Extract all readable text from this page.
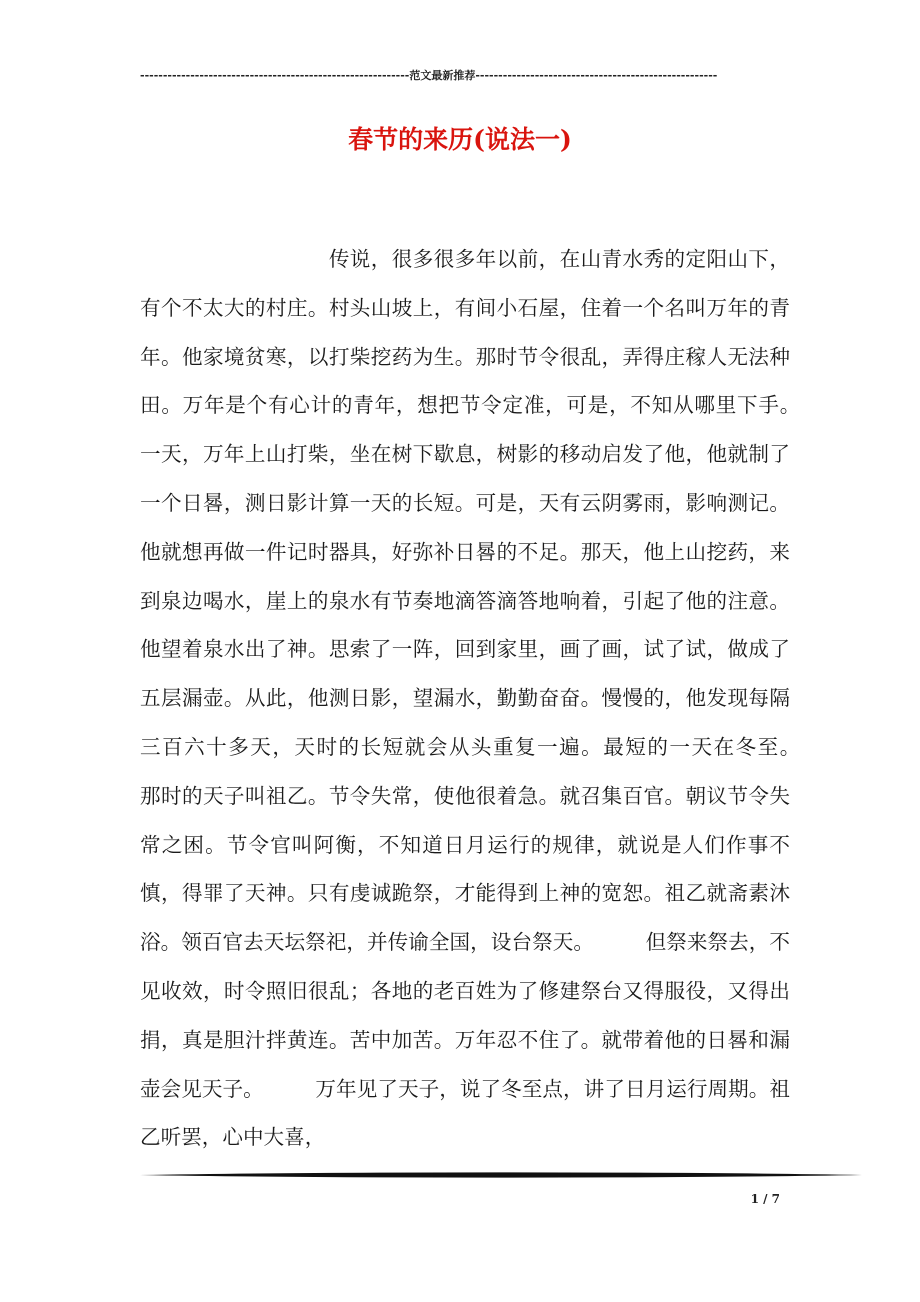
-----------------------------------------------------------范文最新推荐-----------------------------------------------------
春节的来历(说法一)
　　　　　　　　　传说，很多很多年以前，在山青水秀的定阳山下，有个不太大的村庄。村头山坡上，有间小石屋，住着一个名叫万年的青年。他家境贫寒，以打柴挖药为生。那时节令很乱，弄得庄稼人无法种田。万年是个有心计的青年，想把节令定准，可是，不知从哪里下手。　　　一天，万年上山打柴，坐在树下歇息，树影的移动启发了他，他就制了一个日晷，测日影计算一天的长短。可是，天有云阴雾雨，影响测记。他就想再做一件记时器具，好弥补日晷的不足。那天，他上山挖药，来到泉边喝水，崖上的泉水有节奏地滴答滴答地响着，引起了他的注意。他望着泉水出了神。思索了一阵，回到家里，画了画，试了试，做成了五层漏壶。从此，他测日影，望漏水，勤勤奋奋。慢慢的，他发现每隔三百六十多天，天时的长短就会从头重复一遍。最短的一天在冬至。　　　那时的天子叫祖乙。节令失常，使他很着急。就召集百官。朝议节令失常之困。节令官叫阿衡，不知道日月运行的规律，就说是人们作事不慎，得罪了天神。只有虔诚跪祭，才能得到上神的宽恕。祖乙就斋素沐浴。领百官去天坛祭祀，并传谕全国，设台祭天。　　　但祭来祭去，不见收效，时令照旧很乱；各地的老百姓为了修建祭台又得服役，又得出捐，真是胆汁拌黄连。苦中加苦。万年忍不住了。就带着他的日晷和漏壶会见天子。　　　万年见了天子，说了冬至点，讲了日月运行周期。祖乙听罢，心中大喜，
1 / 7
